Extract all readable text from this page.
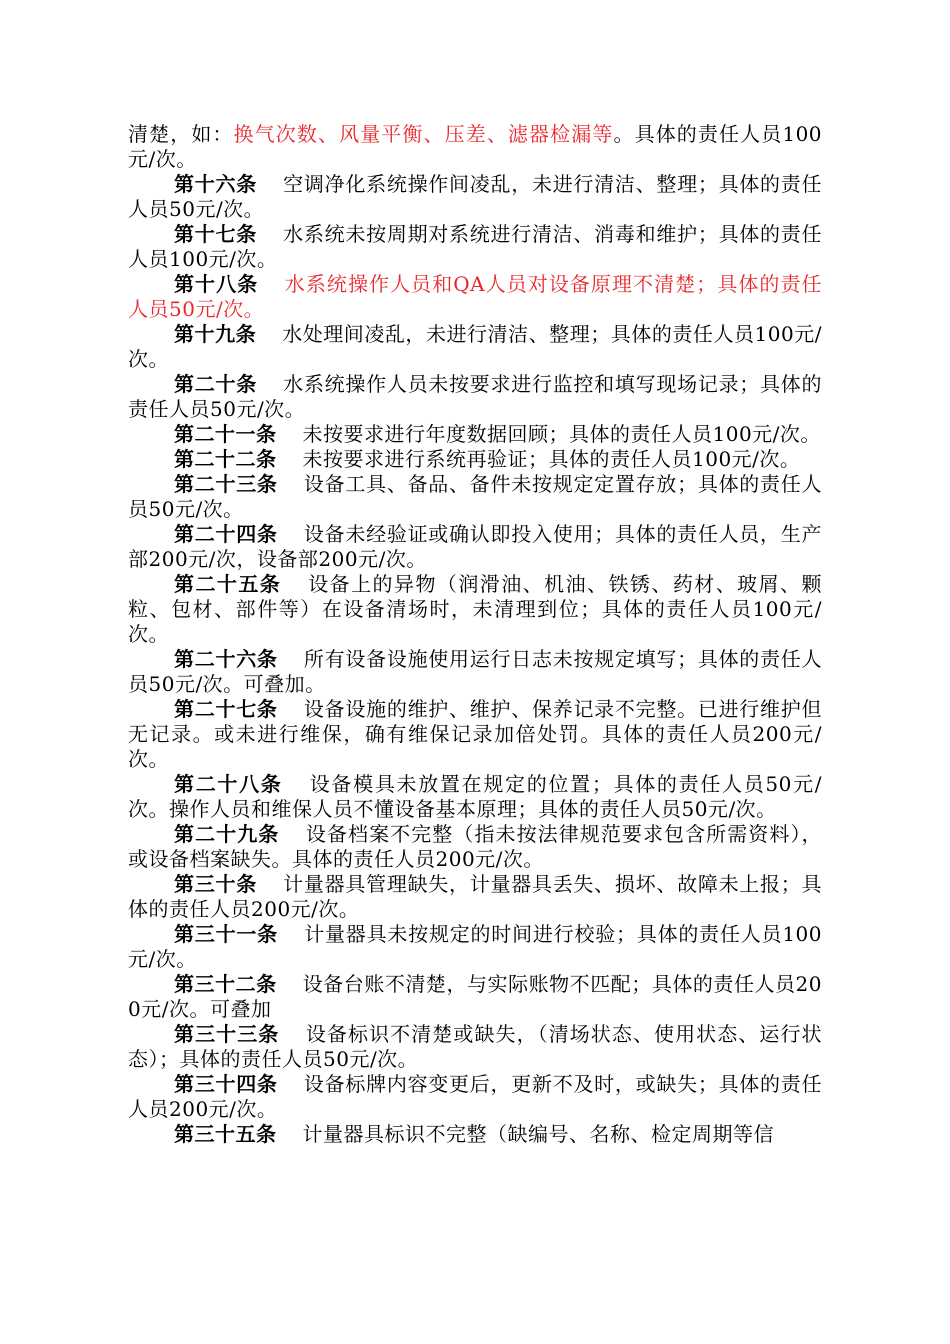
清楚，如：换气次数、风量平衡、压差、滤器检漏等。具体的责任人员100元/次。

第十六条 空调净化系统操作间凌乱，未进行清洁、整理；具体的责任人员50元/次。

第十七条 水系统未按周期对系统进行清洁、消毒和维护；具体的责任人员100元/次。

第十八条 水系统操作人员和QA人员对设备原理不清楚；具体的责任人员50元/次。

第十九条 水处理间凌乱，未进行清洁、整理；具体的责任人员100元/次。

第二十条 水系统操作人员未按要求进行监控和填写现场记录；具体的责任人员50元/次。

第二十一条 未按要求进行年度数据回顾；具体的责任人员100元/次。

第二十二条 未按要求进行系统再验证；具体的责任人员100元/次。

第二十三条 设备工具、备品、备件未按规定定置存放；具体的责任人员50元/次。

第二十四条 设备未经验证或确认即投入使用；具体的责任人员，生产部200元/次，设备部200元/次。

第二十五条 设备上的异物（润滑油、机油、铁锈、药材、玻屑、颗粒、包材、部件等）在设备清场时，未清理到位；具体的责任人员100元/次。

第二十六条 所有设备设施使用运行日志未按规定填写；具体的责任人员50元/次。可叠加。

第二十七条 设备设施的维护、维护、保养记录不完整。已进行维护但无记录。或未进行维保，确有维保记录加倍处罚。具体的责任人员200元/次。

第二十八条 设备模具未放置在规定的位置；具体的责任人员50元/次。操作人员和维保人员不懂设备基本原理；具体的责任人员50元/次。

第二十九条 设备档案不完整（指未按法律规范要求包含所需资料），或设备档案缺失。具体的责任人员200元/次。

第三十条 计量器具管理缺失，计量器具丢失、损坏、故障未上报；具体的责任人员200元/次。

第三十一条 计量器具未按规定的时间进行校验；具体的责任人员100元/次。

第三十二条 设备台账不清楚，与实际账物不匹配；具体的责任人员200元/次。可叠加

第三十三条 设备标识不清楚或缺失，（清场状态、使用状态、运行状态）；具体的责任人员50元/次。

第三十四条 设备标牌内容变更后，更新不及时，或缺失；具体的责任人员200元/次。

第三十五条 计量器具标识不完整（缺编号、名称、检定周期等信
